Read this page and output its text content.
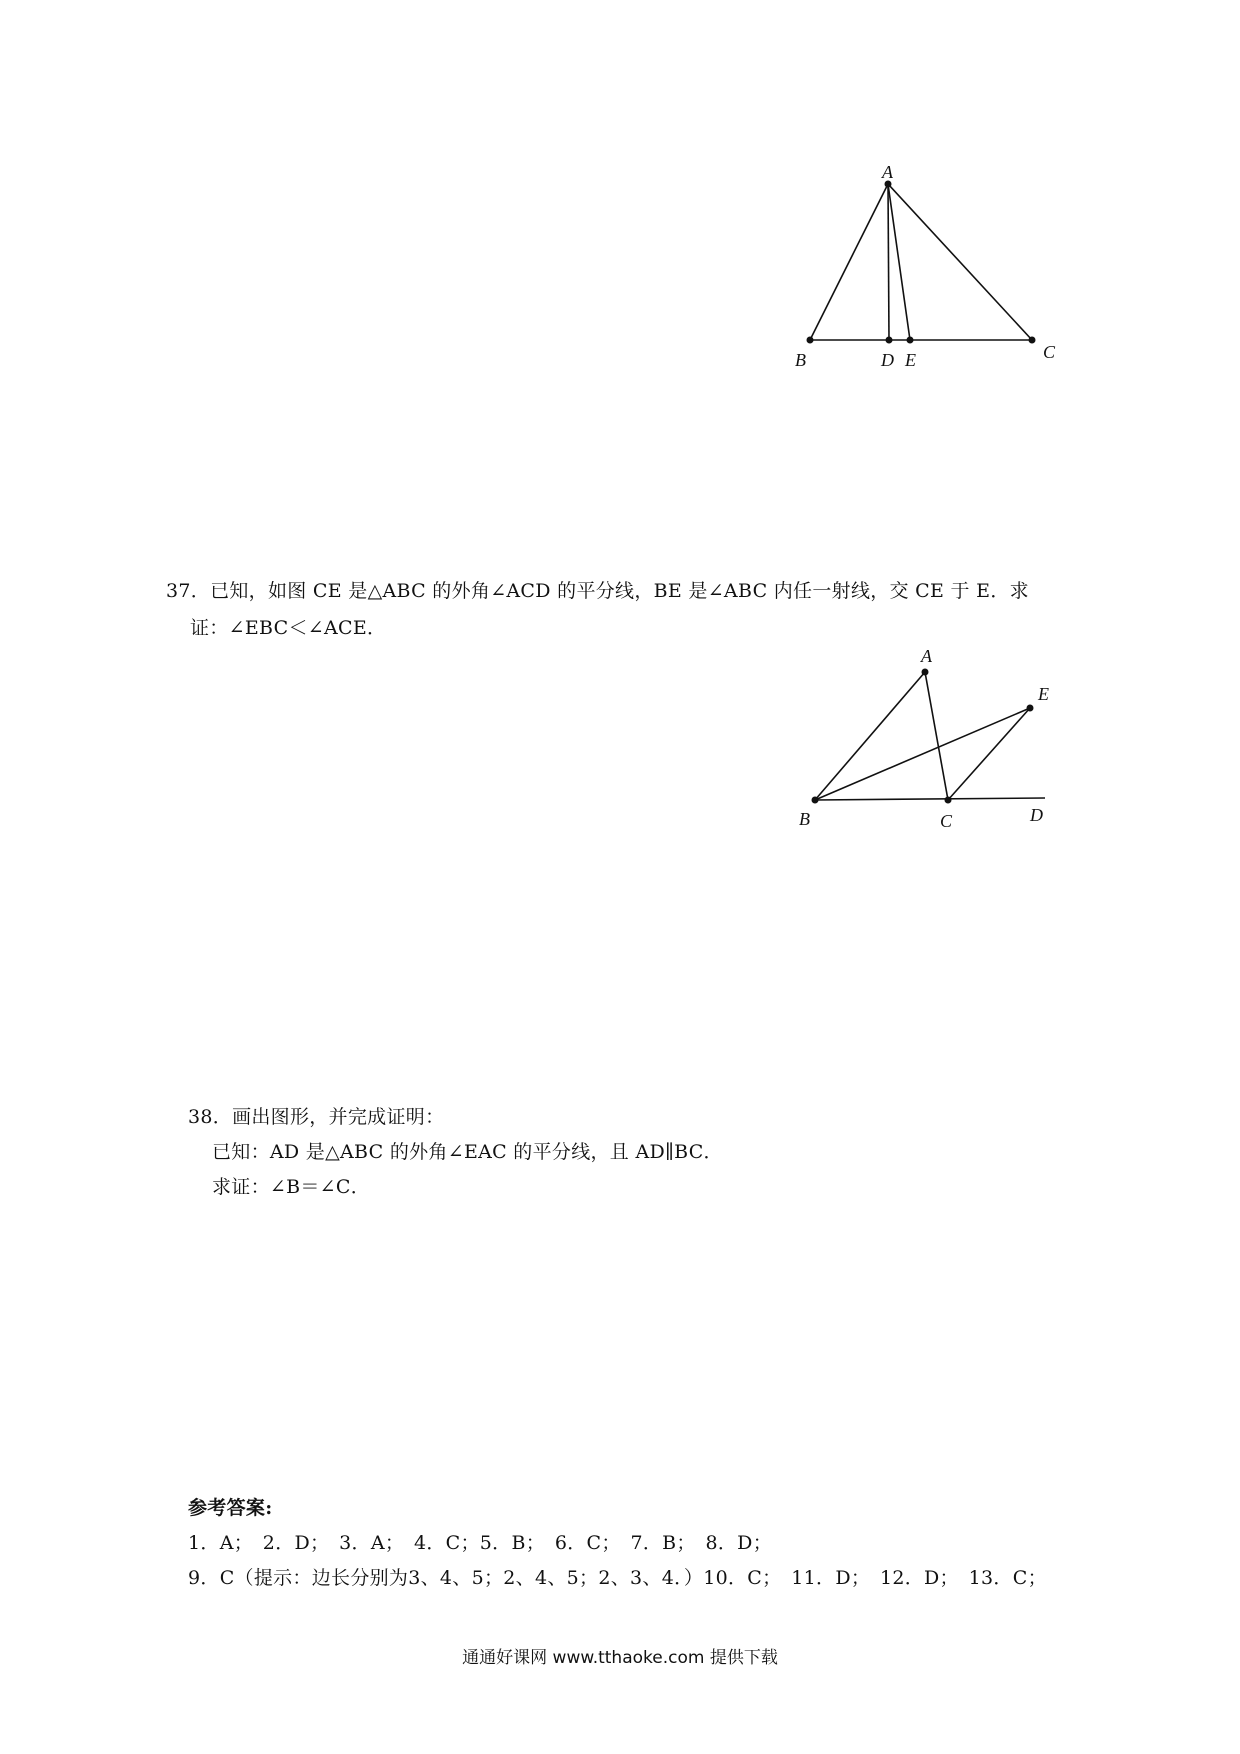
A
B	D E	C
37．已知，如图 CE 是△ABC 的外角∠ACD 的平分线，BE 是∠ABC 内任一射线，交 CE 于 E．求
证：∠EBC＜∠ACE．
A
E
B	C	D
38．画出图形，并完成证明：
已知：AD 是△ABC 的外角∠EAC 的平分线，且 AD∥BC．
求证：∠B＝∠C．
参考答案:
1．A；　2．D；　3．A；　4．C；5．B；　6．C；　7．B；　8．D；
9．C（提示：边长分别为3、4、5；2、4、5；2、3、4．）10．C；　11．D；　12．D；　13．C；
通通好课网 www.tthaoke.com 提供下载
